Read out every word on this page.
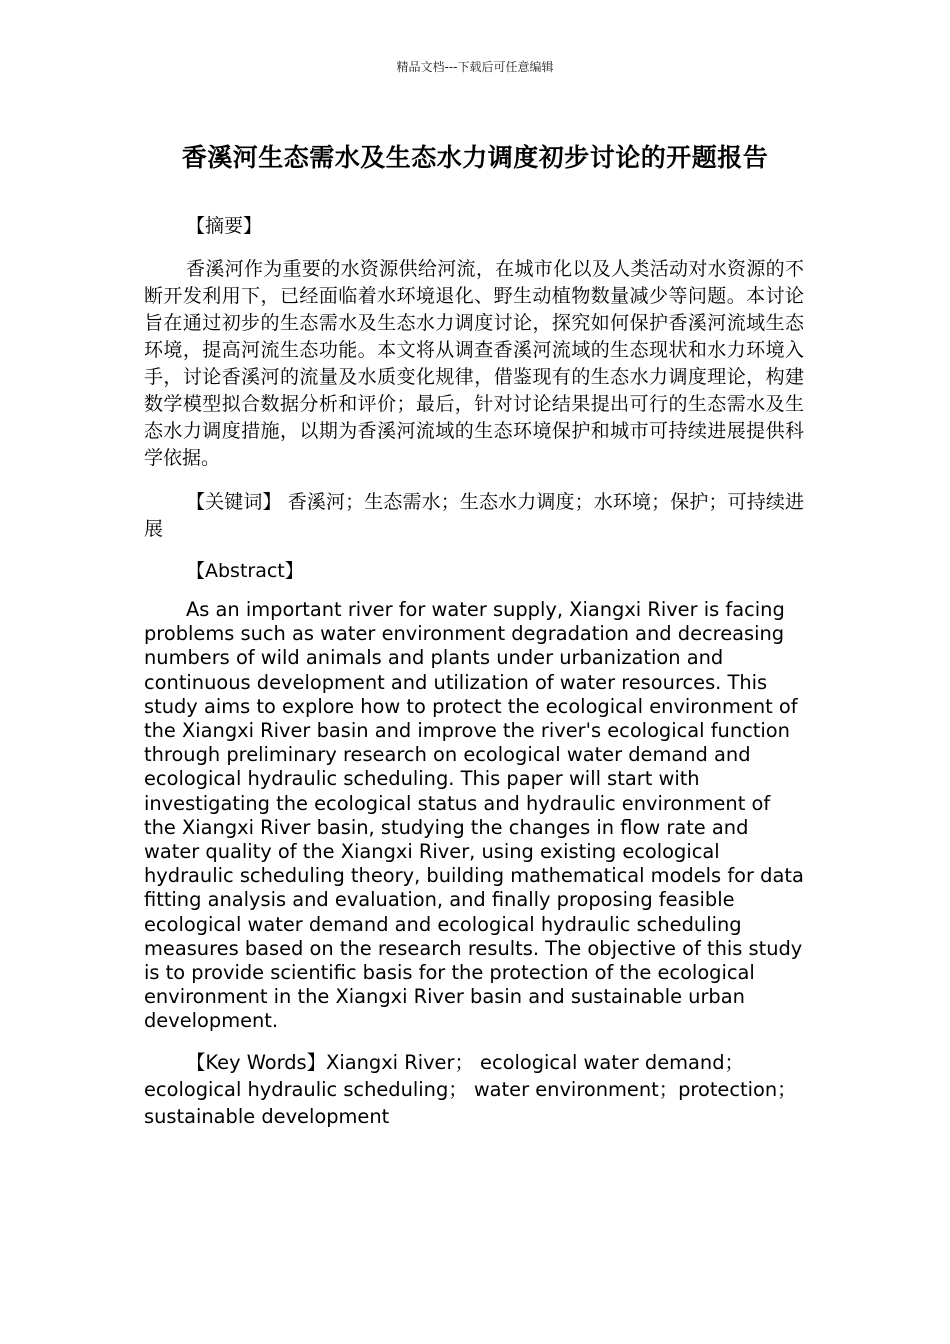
精品文档---下载后可任意编辑
香溪河生态需水及生态水力调度初步讨论的开题报告
【摘要】

香溪河作为重要的水资源供给河流，在城市化以及人类活动对水资源的不断开发利用下，已经面临着水环境退化、野生动植物数量减少等问题。本讨论旨在通过初步的生态需水及生态水力调度讨论，探究如何保护香溪河流域生态环境，提高河流生态功能。本文将从调查香溪河流域的生态现状和水力环境入手，讨论香溪河的流量及水质变化规律，借鉴现有的生态水力调度理论，构建数学模型拟合数据分析和评价；最后，针对讨论结果提出可行的生态需水及生态水力调度措施，以期为香溪河流域的生态环境保护和城市可持续进展提供科学依据。

【关键词】 香溪河；生态需水；生态水力调度；水环境；保护；可持续进展

【Abstract】

As an important river for water supply, Xiangxi River is facing problems such as water environment degradation and decreasing numbers of wild animals and plants under urbanization and continuous development and utilization of water resources. This study aims to explore how to protect the ecological environment of the Xiangxi River basin and improve the river's ecological function through preliminary research on ecological water demand and ecological hydraulic scheduling. This paper will start with investigating the ecological status and hydraulic environment of the Xiangxi River basin, studying the changes in flow rate and water quality of the Xiangxi River, using existing ecological hydraulic scheduling theory, building mathematical models for data fitting analysis and evaluation, and finally proposing feasible ecological water demand and ecological hydraulic scheduling measures based on the research results. The objective of this study is to provide scientific basis for the protection of the ecological environment in the Xiangxi River basin and sustainable urban development.

【Key Words】Xiangxi River； ecological water demand；ecological hydraulic scheduling； water environment；protection； sustainable development
